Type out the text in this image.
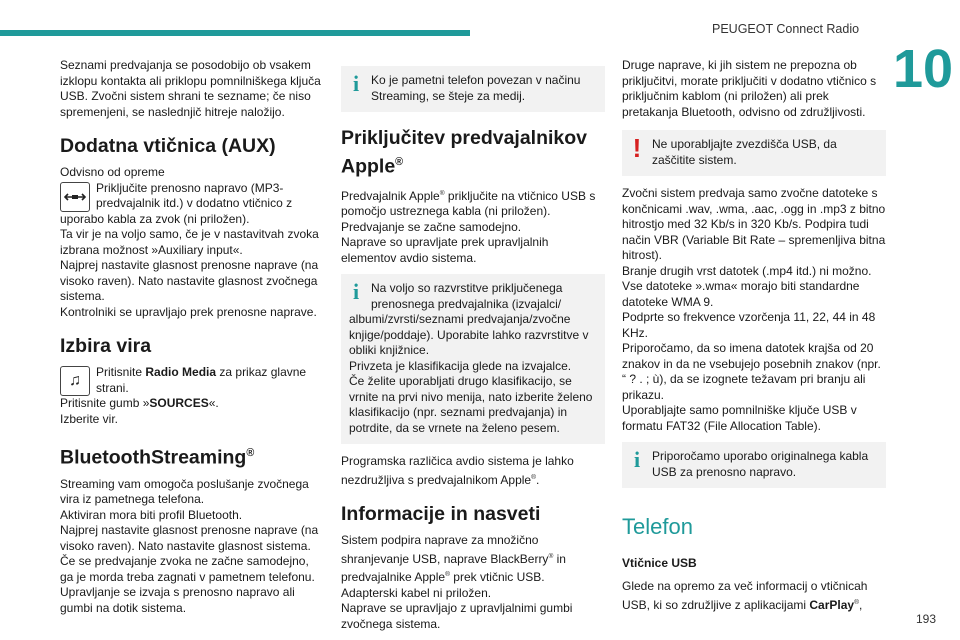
PEUGEOT Connect Radio
10
193

Seznami predvajanja se posodobijo ob vsakem izklopu kontakta ali priklopu pomnilniškega ključa USB. Zvočni sistem shrani te sezname; če niso spremenjeni, se naslednjič hitreje naložijo.

Dodatna vtičnica (AUX)

Odvisno od opreme

Priključite prenosno napravo (MP3-predvajalnik itd.) v dodatno vtičnico z

uporabo kabla za zvok (ni priložen).

Ta vir je na voljo samo, če je v nastavitvah zvoka izbrana možnost »Auxiliary input«.

Najprej nastavite glasnost prenosne naprave (na visoko raven). Nato nastavite glasnost zvočnega sistema.

Kontrolniki se upravljajo prek prenosne naprave.

Izbira vira
♫	Pritisnite Radio Media za prikaz glavne strani.

Pritisnite gumb »SOURCES«.

Izberite vir.

BluetoothStreaming®

Streaming vam omogoča poslušanje zvočnega vira iz pametnega telefona.

Aktiviran mora biti profil Bluetooth.

Najprej nastavite glasnost prenosne naprave (na visoko raven). Nato nastavite glasnost sistema.

Če se predvajanje zvoka ne začne samodejno, ga je morda treba zagnati v pametnem telefonu.

Upravljanje se izvaja s prenosno napravo ali gumbi na dotik sistema.

i Ko je pametni telefon povezan v načinu Streaming, se šteje za medij.

Priključitev predvajalnikov Apple®

Predvajalnik Apple® priključite na vtičnico USB s pomočjo ustreznega kabla (ni priložen).

Predvajanje se začne samodejno.

Naprave so upravljate prek upravljalnih elementov avdio sistema.

i Na voljo so razvrstitve priključenega prenosnega predvajalnika (izvajalci/

albumi/zvrsti/seznami predvajanja/zvočne knjige/poddaje). Uporabite lahko razvrstitve v obliki knjižnice.

Privzeta je klasifikacija glede na izvajalce.

Če želite uporabljati drugo klasifikacijo, se vrnite na prvi nivo menija, nato izberite želeno klasifikacijo (npr. seznami predvajanja) in potrdite, da se vrnete na želeno pesem.

Programska različica avdio sistema je lahko nezdružljiva s predvajalnikom Apple®.

Informacije in nasveti

Sistem podpira naprave za množično shranjevanje USB, naprave BlackBerry® in predvajalnike Apple® prek vtičnic USB.

Adapterski kabel ni priložen.

Naprave se upravljajo z upravljalnimi gumbi zvočnega sistema.

Druge naprave, ki jih sistem ne prepozna ob priključitvi, morate priključiti v dodatno vtičnico s priključnim kablom (ni priložen) ali prek pretakanja Bluetooth, odvisno od združljivosti.

! Ne uporabljajte zvezdišča USB, da zaščitite sistem.

Zvočni sistem predvaja samo zvočne datoteke s končnicami .wav, .wma, .aac, .ogg in .mp3 z bitno hitrostjo med 32 Kb/s in 320 Kb/s. Podpira tudi način VBR (Variable Bit Rate – spremenljiva bitna hitrost).

Branje drugih vrst datotek (.mp4 itd.) ni možno.

Vse datoteke ».wma« morajo biti standardne datoteke WMA 9.

Podprte so frekvence vzorčenja 11, 22, 44 in 48 KHz.

Priporočamo, da so imena datotek krajša od 20 znakov in da ne vsebujejo posebnih znakov (npr. “ ? . ; ù), da se izognete težavam pri branju ali prikazu.

Uporabljajte samo pomnilniške ključe USB v formatu FAT32 (File Allocation Table).

i Priporočamo uporabo originalnega kabla USB za prenosno napravo.

Telefon
Vtičnice USB

Glede na opremo za več informacij o vtičnicah USB, ki so združljive z aplikacijami CarPlay®,
